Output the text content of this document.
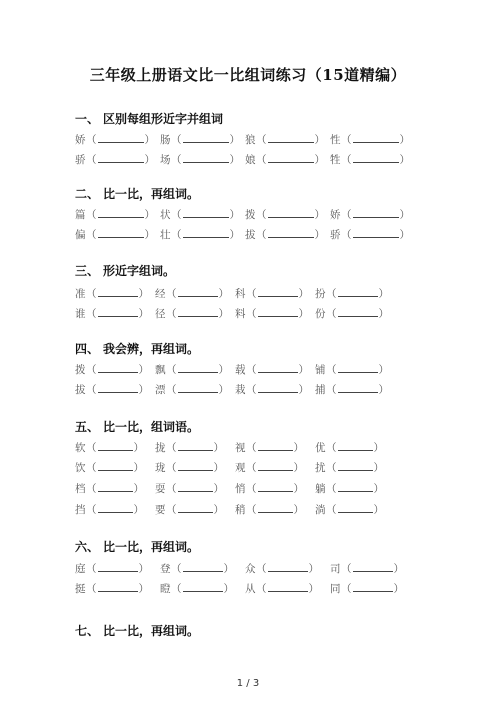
三年级上册语文比一比组词练习（15道精编）
1 / 3
一、 区别每组形近字并组词
娇（	） 肠（	） 狼（	） 性（	）
骄（	） 场（	） 娘（	） 牲（	）
二、 比一比，再组词。
篇（	） 状（	） 拨（	） 娇（	）
偏（	） 壮（	） 拔（	） 骄（	）
三、 形近字组词。
准（	） 经（	） 科（	） 扮（	）
谁（	） 径（	） 料（	） 份（	）
四、 我会辨，再组词。
拨（	） 飘（	） 载（	） 铺（	）
拔（	） 漂（	） 栽（	） 捕（	）
五、 比一比，组词语。
软（	） 拢（	） 视（	） 优（	）
饮（	） 珑（	） 观（	） 扰（	）
档（	） 耍（	） 悄（	） 躺（	）
挡（	） 要（	） 稍（	） 淌（	）
六、 比一比，再组词。
庭（	） 登（	） 众（	） 司（	）
挺（	） 瞪（	） 从（	） 同（	）
七、 比一比，再组词。
